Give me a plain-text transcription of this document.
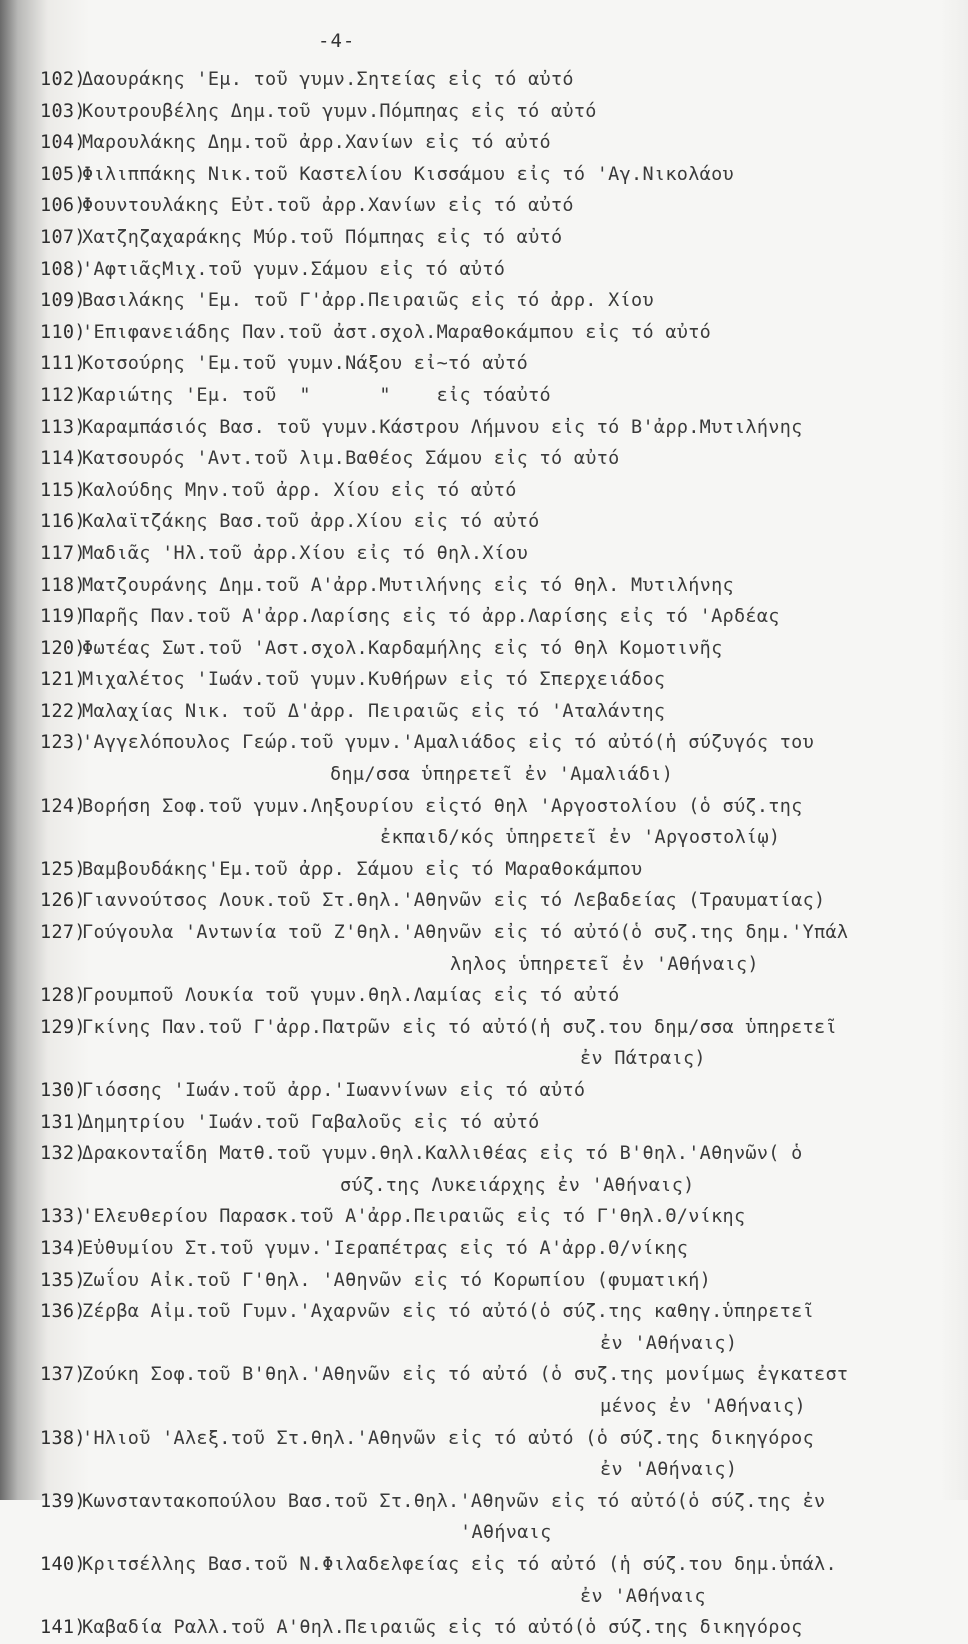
-4-
102)
Δαουράκης 'Εμ. τοῦ γυμν.Σητείας εἰς τό αὐτό
103)
Κουτρουβέλης Δημ.τοῦ γυμν.Πόμπηας εἰς τό αὐτό
104)
Μαρουλάκης Δημ.τοῦ ἀρρ.Χανίων εἰς τό αὐτό
105)
Φιλιππάκης Νικ.τοῦ Καστελίου Κισσάμου εἰς τό 'Αγ.Νικολάου
106)
Φουντουλάκης Εὐτ.τοῦ ἀρρ.Χανίων εἰς τό αὐτό
107)
Χατζηζαχαράκης Μύρ.τοῦ Πόμπηας εἰς τό αὐτό
108)
'ΑφτιᾶςΜιχ.τοῦ γυμν.Σάμου εἰς τό αὐτό
109)
Βασιλάκης 'Εμ. τοῦ Γ'ἀρρ.Πειραιῶς εἰς τό ἀρρ. Χίου
110)
'Επιφανειάδης Παν.τοῦ ἀστ.σχολ.Μαραθοκάμπου εἰς τό αὐτό
111)
Κοτσούρης 'Εμ.τοῦ γυμν.Νάξου εἰ~τό αὐτό
112)
Καριώτης 'Εμ. τοῦ  "      "    εἰς τόαὐτό
113)
Καραμπάσιός Βασ. τοῦ γυμν.Κάστρου Λήμνου εἰς τό Β'ἀρρ.Μυτιλήνης
114)
Κατσουρός 'Αντ.τοῦ λιμ.Βαθέος Σάμου εἰς τό αὐτό
115)
Καλούδης Μην.τοῦ ἀρρ. Χίου εἰς τό αὐτό
116)
Καλαϊτζάκης Βασ.τοῦ ἀρρ.Χίου εἰς τό αὐτό
117)
Μαδιᾶς 'Ηλ.τοῦ ἀρρ.Χίου εἰς τό θηλ.Χίου
118)
Ματζουράνης Δημ.τοῦ Α'ἀρρ.Μυτιλήνης εἰς τό θηλ. Μυτιλήνης
119)
Παρῆς Παν.τοῦ Α'ἀρρ.Λαρίσης εἰς τό ἀρρ.Λαρίσης εἰς τό 'Αρδέας
120)
Φωτέας Σωτ.τοῦ 'Αστ.σχολ.Καρδαμήλης εἰς τό θηλ Κομοτινῆς
121)
Μιχαλέτος 'Ιωάν.τοῦ γυμν.Κυθήρων εἰς τό Σπερχειάδος
122)
Μαλαχίας Νικ. τοῦ Δ'ἀρρ. Πειραιῶς εἰς τό 'Αταλάντης
123)
'Αγγελόπουλος Γεώρ.τοῦ γυμν.'Αμαλιάδος εἰς τό αὐτό(ἡ σύζυγός του
δημ/σσα ὑπηρετεῖ ἐν 'Αμαλιάδι)
124)
Βορήση Σοφ.τοῦ γυμν.Ληξουρίου εἰςτό θηλ 'Αργοστολίου (ὁ σύζ.της
ἐκπαιδ/κός ὑπηρετεῖ ἐν 'Αργοστολίῳ)
125)
Βαμβουδάκης'Εμ.τοῦ ἀρρ. Σάμου εἰς τό Μαραθοκάμπου
126)
Γιαννούτσος Λουκ.τοῦ Στ.θηλ.'Αθηνῶν εἰς τό Λεβαδείας (Τραυματίας)
127)
Γούγουλα 'Αντωνία τοῦ Ζ'θηλ.'Αθηνῶν εἰς τό αὐτό(ὁ συζ.της δημ.'Υπάλ
ληλος ὑπηρετεῖ ἐν 'Αθήναις)
128)
Γρουμποῦ Λουκία τοῦ γυμν.θηλ.Λαμίας εἰς τό αὐτό
129)
Γκίνης Παν.τοῦ Γ'ἀρρ.Πατρῶν εἰς τό αὐτό(ἡ συζ.του δημ/σσα ὑπηρετεῖ
ἐν Πάτραις)
130)
Γιόσσης 'Ιωάν.τοῦ ἀρρ.'Ιωαννίνων εἰς τό αὐτό
131)
Δημητρίου 'Ιωάν.τοῦ Γαβαλοῦς εἰς τό αὐτό
132)
Δρακονταΐδη Ματθ.τοῦ γυμν.θηλ.Καλλιθέας εἰς τό Β'θηλ.'Αθηνῶν( ὁ
σύζ.της Λυκειάρχης ἐν 'Αθήναις)
133)
'Ελευθερίου Παρασκ.τοῦ Α'ἀρρ.Πειραιῶς εἰς τό Γ'θηλ.Θ/νίκης
134)
Εὐθυμίου Στ.τοῦ γυμν.'Ιεραπέτρας εἰς τό Α'ἀρρ.Θ/νίκης
135)
Ζωΐου Αἰκ.τοῦ Γ'θηλ. 'Αθηνῶν εἰς τό Κορωπίου (φυματική)
136)
Ζέρβα Αἰμ.τοῦ Γυμν.'Αχαρνῶν εἰς τό αὐτό(ὁ σύζ.της καθηγ.ὑπηρετεῖ
ἐν 'Αθήναις)
137)
Ζούκη Σοφ.τοῦ Β'θηλ.'Αθηνῶν εἰς τό αὐτό (ὁ συζ.της μονίμως ἐγκατεστ
μένος ἐν 'Αθήναις)
138)
'Ηλιοῦ 'Αλεξ.τοῦ Στ.θηλ.'Αθηνῶν εἰς τό αὐτό (ὁ σύζ.της δικηγόρος
ἐν 'Αθήναις)
139)
Κωνσταντακοπούλου Βασ.τοῦ Στ.θηλ.'Αθηνῶν εἰς τό αὐτό(ὁ σύζ.της ἐν
'Αθήναις
140)
Κριτσέλλης Βασ.τοῦ Ν.Φιλαδελφείας εἰς τό αὐτό (ἡ σύζ.του δημ.ὑπάλ.
ἐν 'Αθήναις
141)
Καβαδία Ραλλ.τοῦ Α'θηλ.Πειραιῶς εἰς τό αὐτό(ὁ σύζ.της δικηγόρος
